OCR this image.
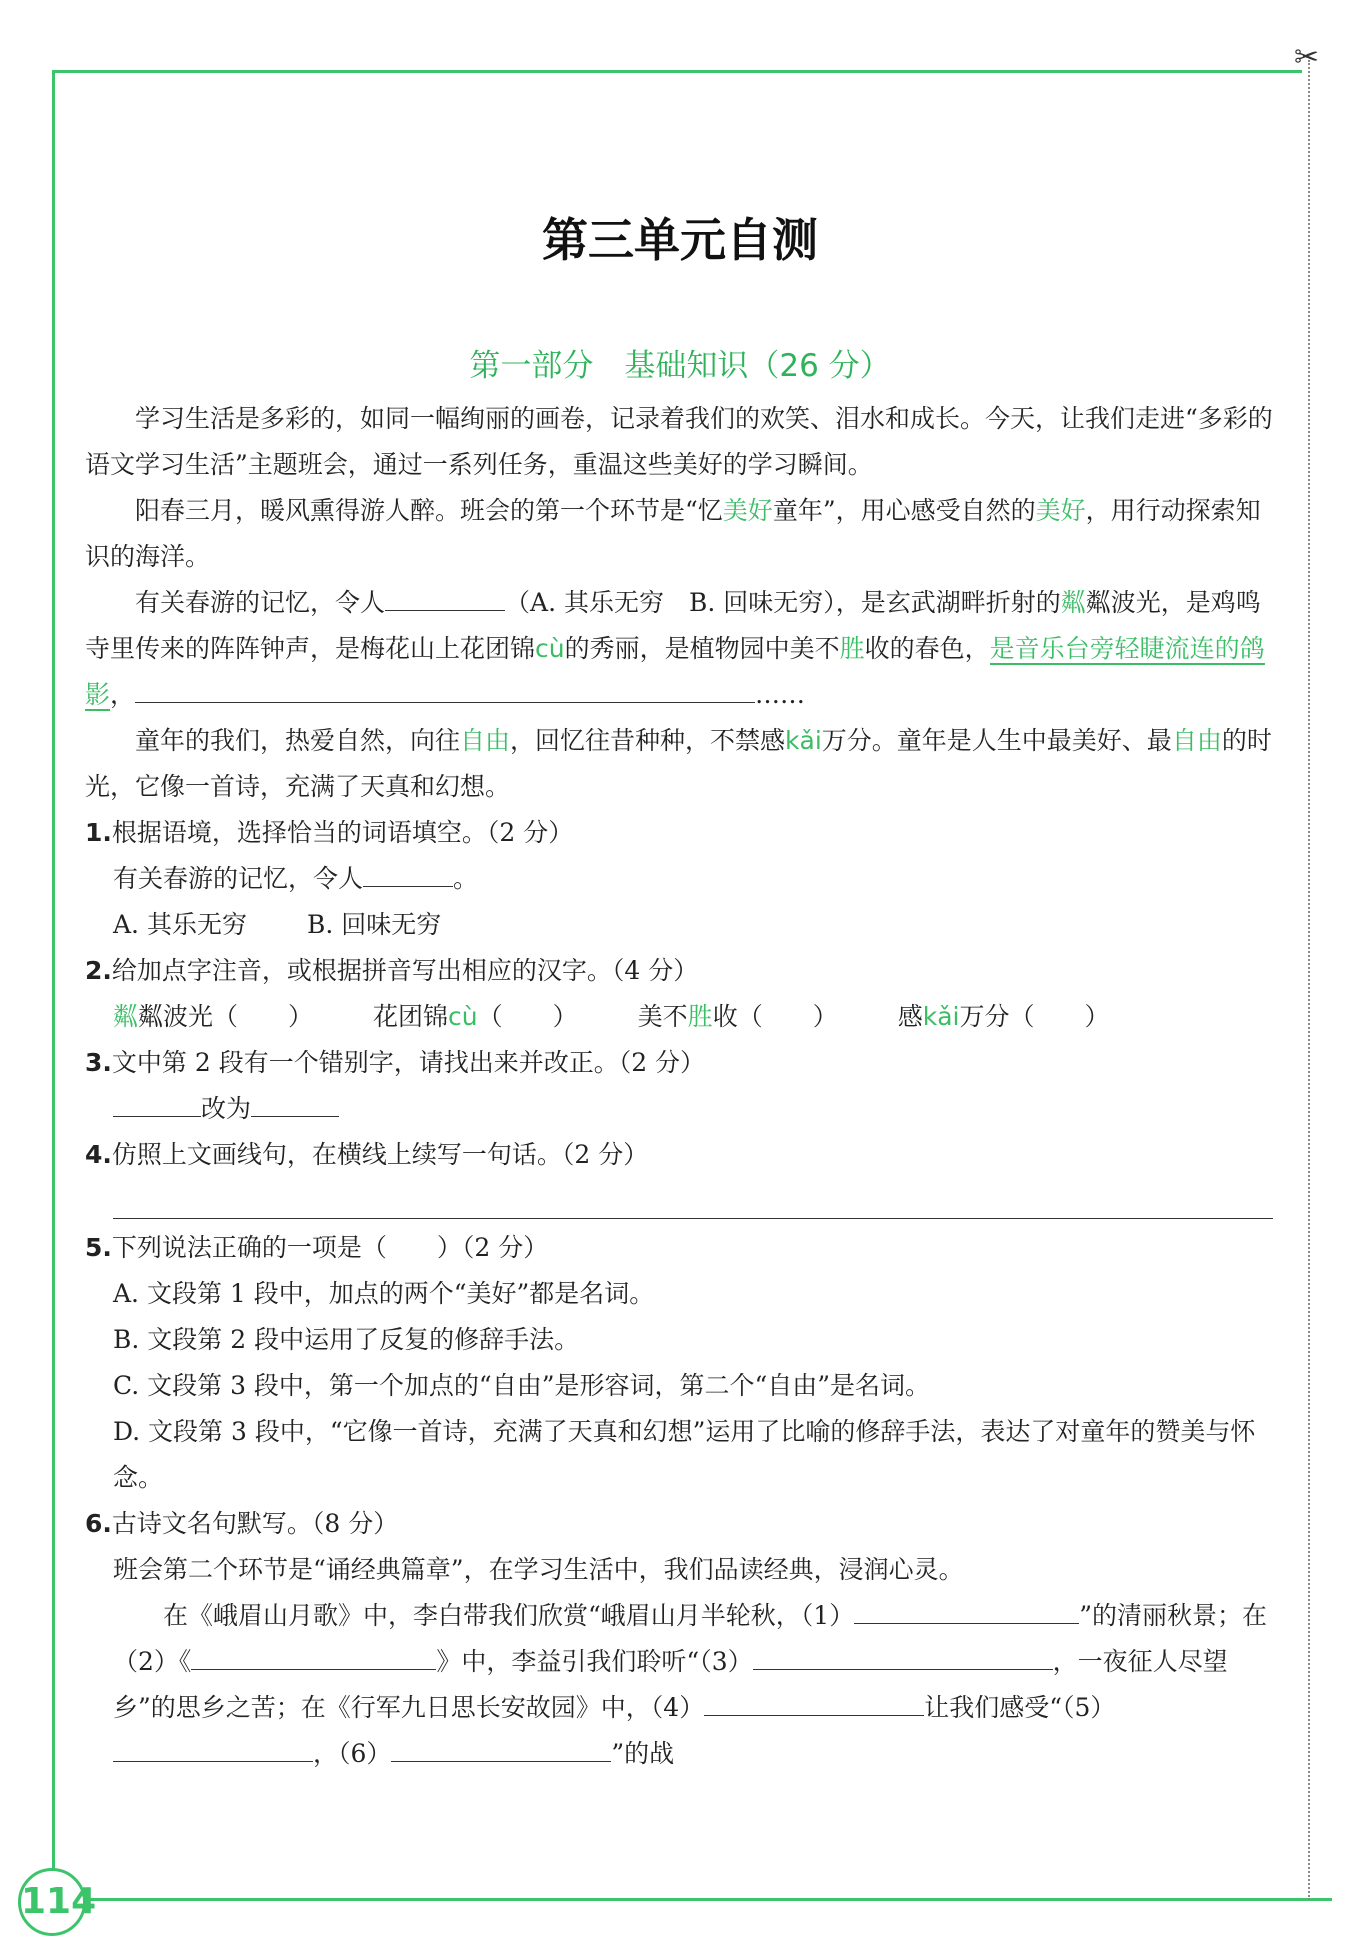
✂
114
第三单元自测
第一部分　基础知识（26 分）

学习生活是多彩的，如同一幅绚丽的画卷，记录着我们的欢笑、泪水和成长。今天，让我们走进“多彩的语文学习生活”主题班会，通过一系列任务，重温这些美好的学习瞬间。

阳春三月，暖风熏得游人醉。班会的第一个环节是“忆美好童年”，用心感受自然的美好，用行动探索知识的海洋。

有关春游的记忆，令人	（A. 其乐无穷　B. 回味无穷），是玄武湖畔折射的粼粼波光，是鸡鸣寺里传来的阵阵钟声，是梅花山上花团锦cù的秀丽，是植物园中美不胜收的春色，是音乐台旁轻睫流连的鸽影，	……

童年的我们，热爱自然，向往自由，回忆往昔种种，不禁感kǎi万分。童年是人生中最美好、最自由的时光，它像一首诗，充满了天真和幻想。

1.根据语境，选择恰当的词语填空。（2 分）

有关春游的记忆，令人	。

A. 其乐无穷 B. 回味无穷

2.给加点字注音，或根据拼音写出相应的汉字。（4 分）

粼粼波光（　　） 花团锦cù（　　） 美不胜收（　　） 感kǎi万分（　　）

3.文中第 2 段有一个错别字，请找出来并改正。（2 分）

改为

4.仿照上文画线句，在横线上续写一句话。（2 分）

5.下列说法正确的一项是（　　）（2 分）

A. 文段第 1 段中，加点的两个“美好”都是名词。

B. 文段第 2 段中运用了反复的修辞手法。

C. 文段第 3 段中，第一个加点的“自由”是形容词，第二个“自由”是名词。

D. 文段第 3 段中，“它像一首诗，充满了天真和幻想”运用了比喻的修辞手法，表达了对童年的赞美与怀念。

6.古诗文名句默写。（8 分）

班会第二个环节是“诵经典篇章”，在学习生活中，我们品读经典，浸润心灵。

在《峨眉山月歌》中，李白带我们欣赏“峨眉山月半轮秋，（1）	”的清丽秋景；在（2）《	》中，李益引我们聆听“（3）	，一夜征人尽望乡”的思乡之苦；在《行军九日思长安故园》中，（4）	让我们感受“（5），（6）	”的战
